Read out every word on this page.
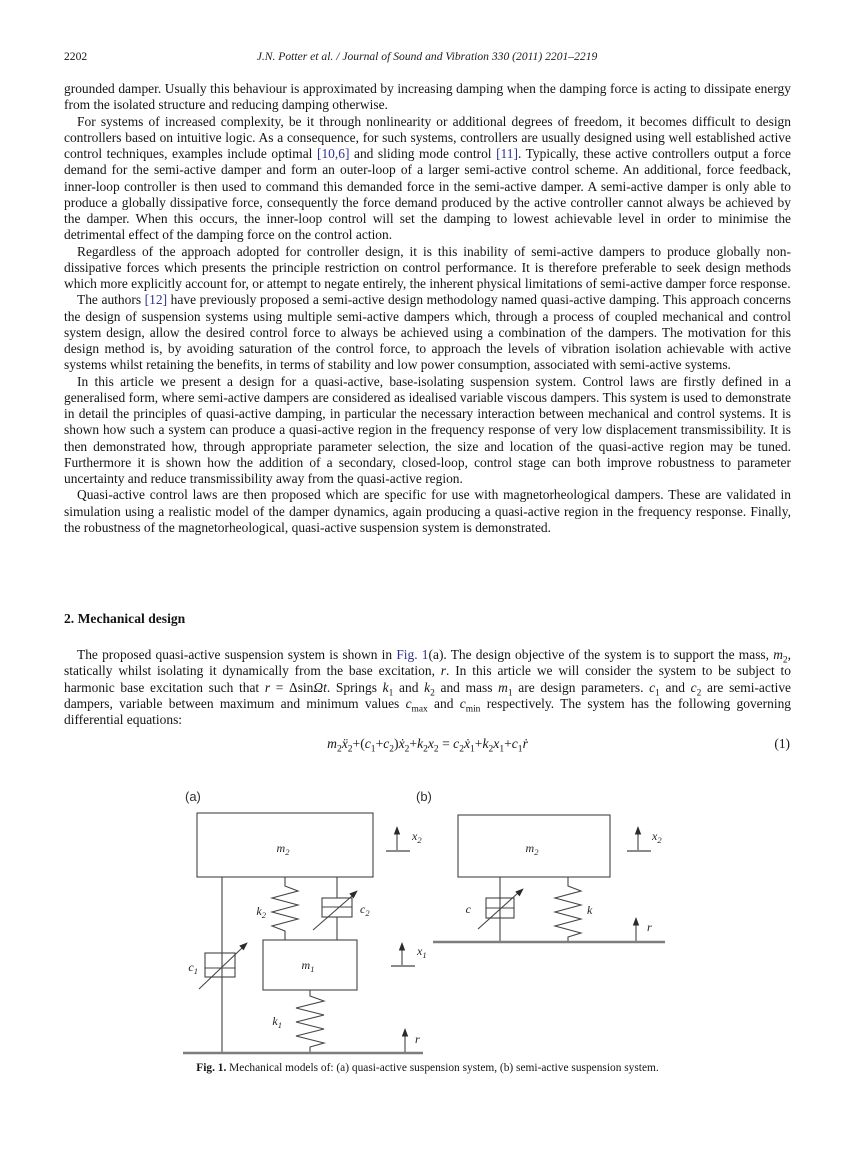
2202	J.N. Potter et al. / Journal of Sound and Vibration 330 (2011) 2201–2219

grounded damper. Usually this behaviour is approximated by increasing damping when the damping force is acting to dissipate energy from the isolated structure and reducing damping otherwise.

For systems of increased complexity, be it through nonlinearity or additional degrees of freedom, it becomes difficult to design controllers based on intuitive logic. As a consequence, for such systems, controllers are usually designed using well established active control techniques, examples include optimal [10,6] and sliding mode control [11]. Typically, these active controllers output a force demand for the semi-active damper and form an outer-loop of a larger semi-active control scheme. An additional, force feedback, inner-loop controller is then used to command this demanded force in the semi-active damper. A semi-active damper is only able to produce a globally dissipative force, consequently the force demand produced by the active controller cannot always be achieved by the damper. When this occurs, the inner-loop control will set the damping to lowest achievable level in order to minimise the detrimental effect of the damping force on the control action.

Regardless of the approach adopted for controller design, it is this inability of semi-active dampers to produce globally non-dissipative forces which presents the principle restriction on control performance. It is therefore preferable to seek design methods which more explicitly account for, or attempt to negate entirely, the inherent physical limitations of semi-active damper force response.

The authors [12] have previously proposed a semi-active design methodology named quasi-active damping. This approach concerns the design of suspension systems using multiple semi-active dampers which, through a process of coupled mechanical and control system design, allow the desired control force to always be achieved using a combination of the dampers. The motivation for this design method is, by avoiding saturation of the control force, to approach the levels of vibration isolation achievable with active systems whilst retaining the benefits, in terms of stability and low power consumption, associated with semi-active systems.

In this article we present a design for a quasi-active, base-isolating suspension system. Control laws are firstly defined in a generalised form, where semi-active dampers are considered as idealised variable viscous dampers. This system is used to demonstrate in detail the principles of quasi-active damping, in particular the necessary interaction between mechanical and control systems. It is shown how such a system can produce a quasi-active region in the frequency response of very low displacement transmissibility. It is then demonstrated how, through appropriate parameter selection, the size and location of the quasi-active region may be tuned. Furthermore it is shown how the addition of a secondary, closed-loop, control stage can both improve robustness to parameter uncertainty and reduce transmissibility away from the quasi-active region.

Quasi-active control laws are then proposed which are specific for use with magnetorheological dampers. These are validated in simulation using a realistic model of the damper dynamics, again producing a quasi-active region in the frequency response. Finally, the robustness of the magnetorheological, quasi-active suspension system is demonstrated.

2. Mechanical design

The proposed quasi-active suspension system is shown in Fig. 1(a). The design objective of the system is to support the mass, $m_2$, statically whilst isolating it dynamically from the base excitation, r. In this article we will consider the system to be subject to harmonic base excitation such that r = ΔsinΩt. Springs $k_1$ and $k_2$ and mass $m_1$ are design parameters. $c_1$ and $c_2$ are semi-active dampers, variable between maximum and minimum values $c_{max}$ and $c_{min}$ respectively. The system has the following governing differential equations:

$m_2ẍ_2+(c_1+c_2)ẋ_2+k_2x_2$ = $c_2ẋ_1+k_2x_1+c_1ṙ$	(1)
(a)	(b)
$m_2$
$k_2$	$c_2$
$c_1$	$m_1$
$k_1$
$x_2$
$x_1$
r
$m_2$
c	k
$x_2$
r
Fig. 1. Mechanical models of: (a) quasi-active suspension system, (b) semi-active suspension system.
